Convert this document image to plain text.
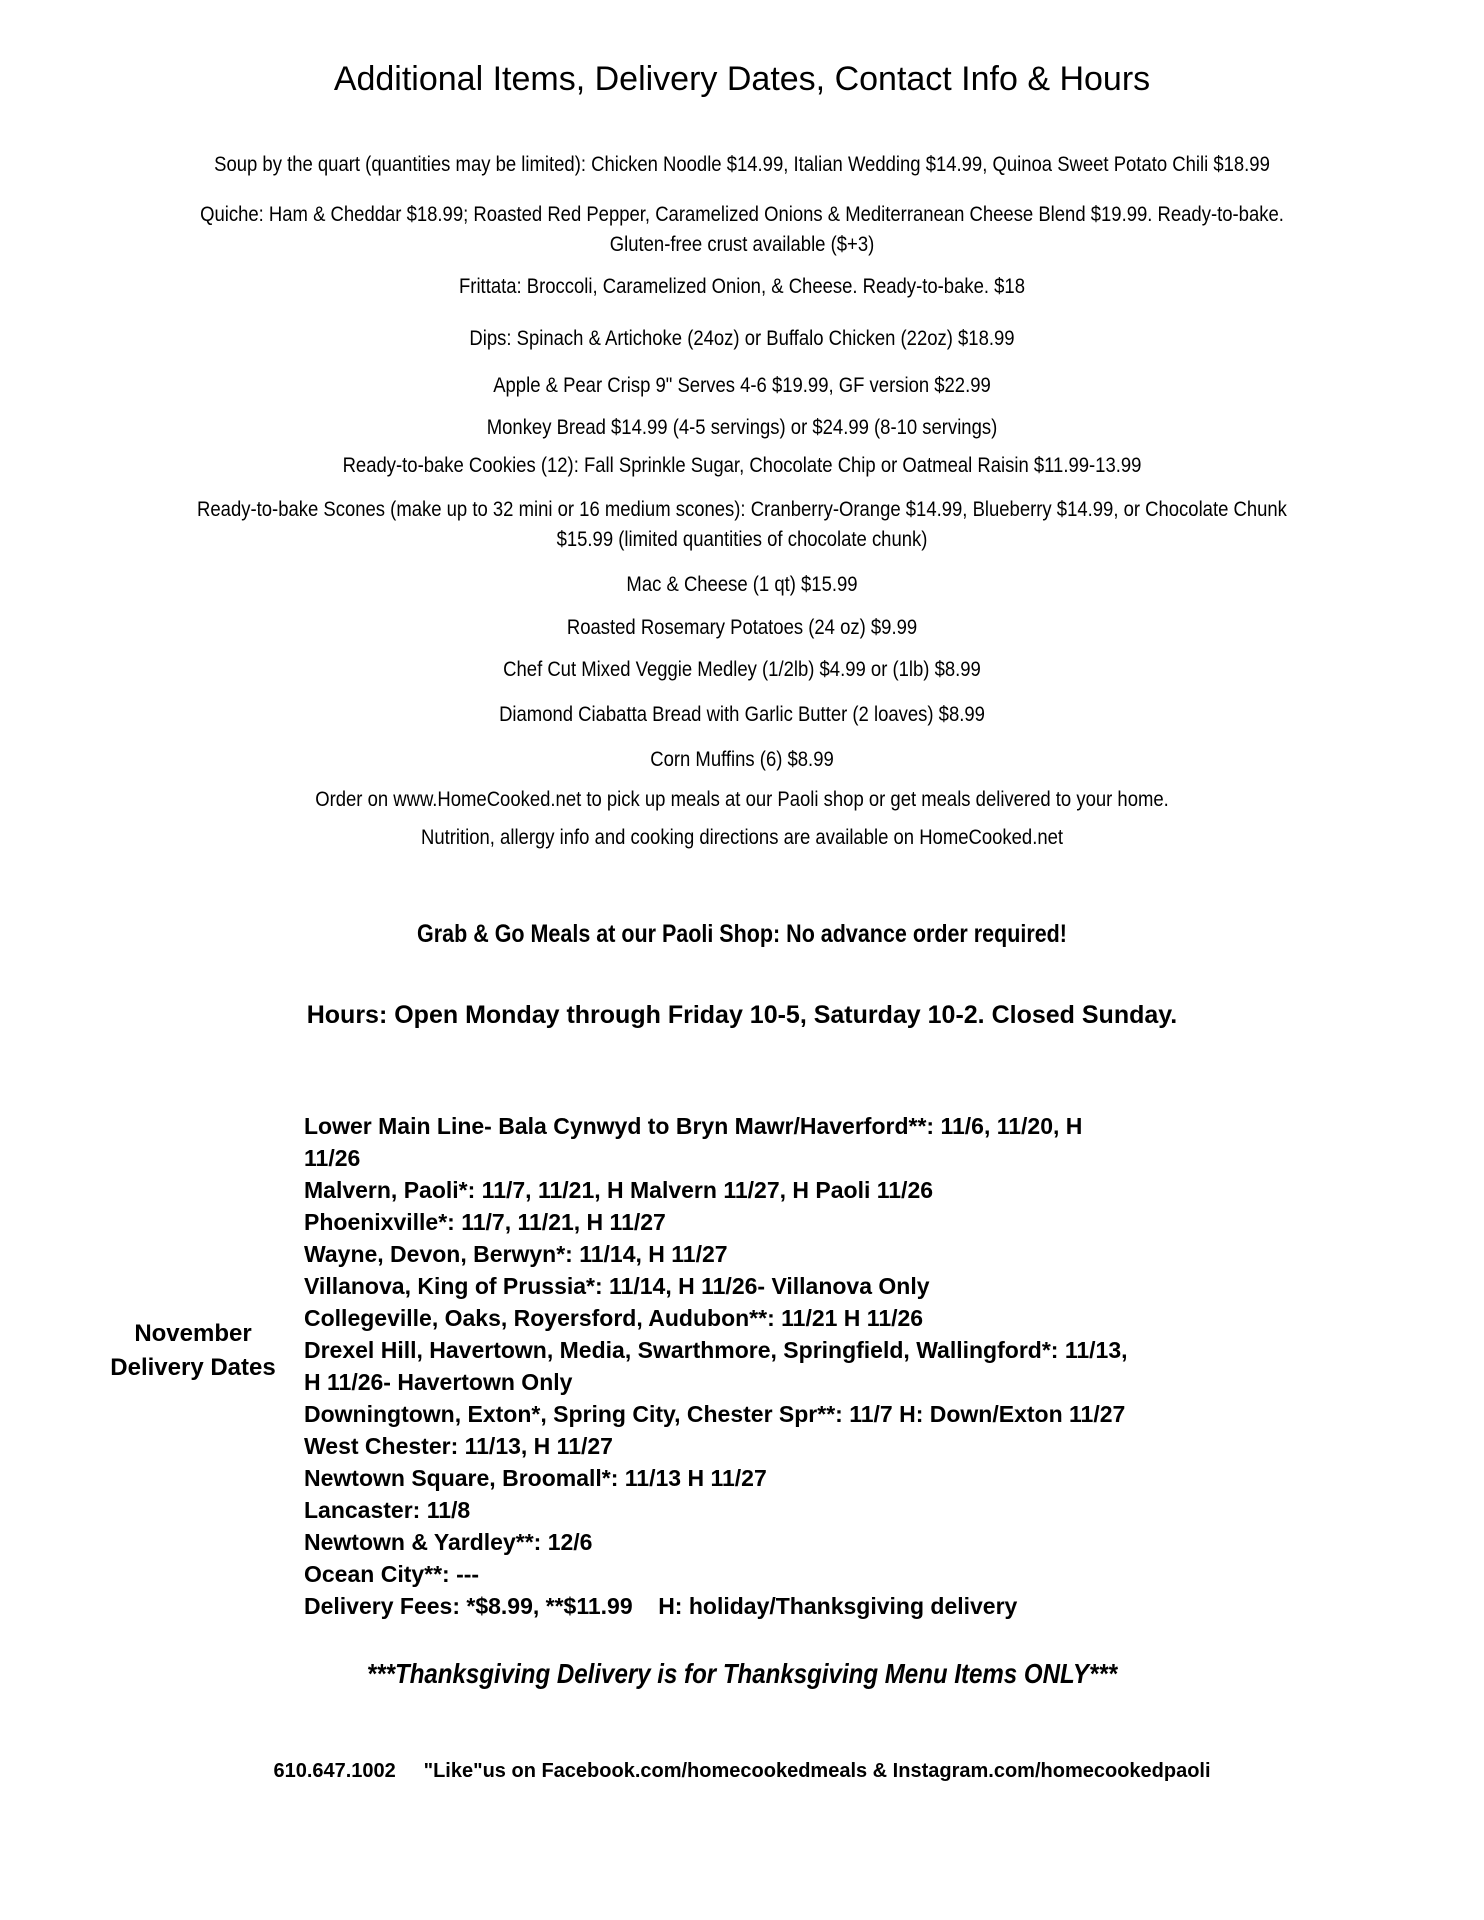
Additional Items, Delivery Dates, Contact Info & Hours

Soup by the quart (quantities may be limited): Chicken Noodle $14.99, Italian Wedding $14.99, Quinoa Sweet Potato Chili $18.99

Quiche: Ham & Cheddar $18.99; Roasted Red Pepper, Caramelized Onions & Mediterranean Cheese Blend $19.99. Ready-to-bake. Gluten-free crust available ($+3)

Frittata: Broccoli, Caramelized Onion, & Cheese. Ready-to-bake. $18

Dips: Spinach & Artichoke (24oz) or Buffalo Chicken (22oz) $18.99

Apple & Pear Crisp 9" Serves 4-6 $19.99, GF version $22.99

Monkey Bread $14.99 (4-5 servings) or $24.99 (8-10 servings)

Ready-to-bake Cookies (12): Fall Sprinkle Sugar, Chocolate Chip or Oatmeal Raisin $11.99-13.99

Ready-to-bake Scones (make up to 32 mini or 16 medium scones): Cranberry-Orange $14.99, Blueberry $14.99, or Chocolate Chunk $15.99 (limited quantities of chocolate chunk)

Mac & Cheese (1 qt) $15.99

Roasted Rosemary Potatoes (24 oz) $9.99

Chef Cut Mixed Veggie Medley (1/2lb) $4.99 or (1lb) $8.99

Diamond Ciabatta Bread with Garlic Butter (2 loaves) $8.99

Corn Muffins (6) $8.99

Order on www.HomeCooked.net to pick up meals at our Paoli shop or get meals delivered to your home.

Nutrition, allergy info and cooking directions are available on HomeCooked.net

Grab & Go Meals at our Paoli Shop: No advance order required!
Hours: Open Monday through Friday 10-5, Saturday 10-2. Closed Sunday.
November
Delivery Dates

Lower Main Line- Bala Cynwyd to Bryn Mawr/Haverford**: 11/6, 11/20, H

11/26

Malvern, Paoli*: 11/7, 11/21, H Malvern 11/27, H Paoli 11/26

Phoenixville*: 11/7, 11/21, H 11/27

Wayne, Devon, Berwyn*: 11/14, H 11/27

Villanova, King of Prussia*: 11/14, H 11/26- Villanova Only

Collegeville, Oaks, Royersford, Audubon**: 11/21 H 11/26

Drexel Hill, Havertown, Media, Swarthmore, Springfield, Wallingford*: 11/13,

H 11/26- Havertown Only

Downingtown, Exton*, Spring City, Chester Spr**: 11/7 H: Down/Exton 11/27

West Chester: 11/13, H 11/27

Newtown Square, Broomall*: 11/13 H 11/27

Lancaster: 11/8

Newtown & Yardley**: 12/6

Ocean City**: ---

Delivery Fees: *$8.99, **$11.99    H: holiday/Thanksgiving delivery

***Thanksgiving Delivery is for Thanksgiving Menu Items ONLY***
610.647.1002 "Like"us on Facebook.com/homecookedmeals & Instagram.com/homecookedpaoli
